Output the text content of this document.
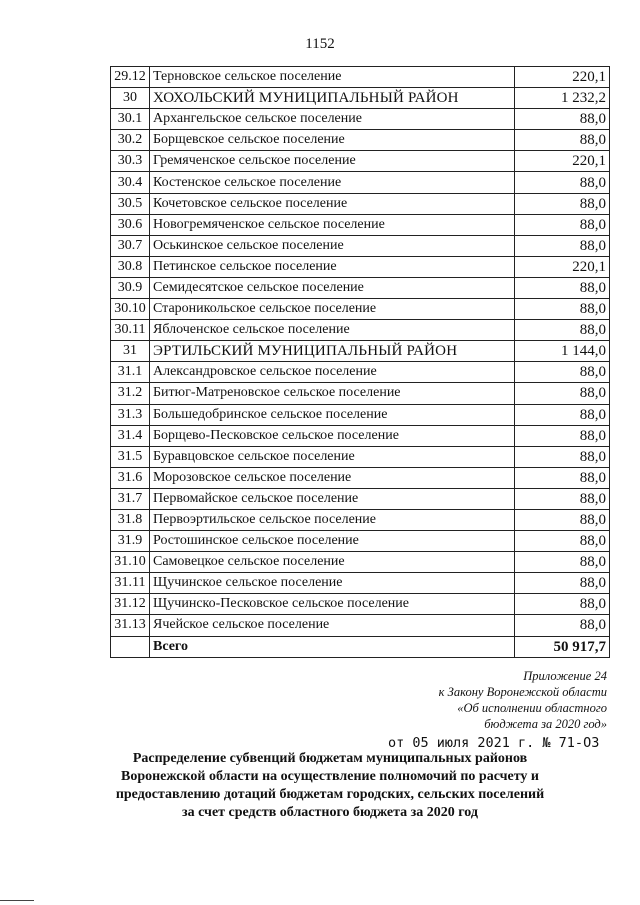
1152
29.12	Терновское сельское поселение	220,1
30	ХОХОЛЬСКИЙ МУНИЦИПАЛЬНЫЙ РАЙОН	1 232,2
30.1	Архангельское сельское поселение	88,0
30.2	Борщевское сельское поселение	88,0
30.3	Гремяченское сельское поселение	220,1
30.4	Костенское сельское поселение	88,0
30.5	Кочетовское сельское поселение	88,0
30.6	Новогремяченское сельское поселение	88,0
30.7	Оськинское сельское поселение	88,0
30.8	Петинское сельское поселение	220,1
30.9	Семидесятское сельское поселение	88,0
30.10	Староникольское сельское поселение	88,0
30.11	Яблоченское сельское поселение	88,0
31	ЭРТИЛЬСКИЙ МУНИЦИПАЛЬНЫЙ РАЙОН	1 144,0
31.1	Александровское сельское поселение	88,0
31.2	Битюг-Матреновское сельское поселение	88,0
31.3	Большедобринское сельское поселение	88,0
31.4	Борщево-Песковское сельское поселение	88,0
31.5	Буравцовское сельское поселение	88,0
31.6	Морозовское сельское поселение	88,0
31.7	Первомайское сельское поселение	88,0
31.8	Первоэртильское сельское поселение	88,0
31.9	Ростошинское сельское поселение	88,0
31.10	Самовецкое сельское поселение	88,0
31.11	Щучинское сельское поселение	88,0
31.12	Щучинско-Песковское сельское поселение	88,0
31.13	Ячейское сельское поселение	88,0
	Всего	50 917,7
Приложение 24
к Закону Воронежской области
«Об исполнении областного
бюджета за 2020 год»
от 05 июля 2021 г. № 71-ОЗ
Распределение субвенций бюджетам муниципальных районов
Воронежской области на осуществление полномочий по расчету и
предоставлению дотаций бюджетам городских, сельских поселений
за счет средств областного бюджета за 2020 год
